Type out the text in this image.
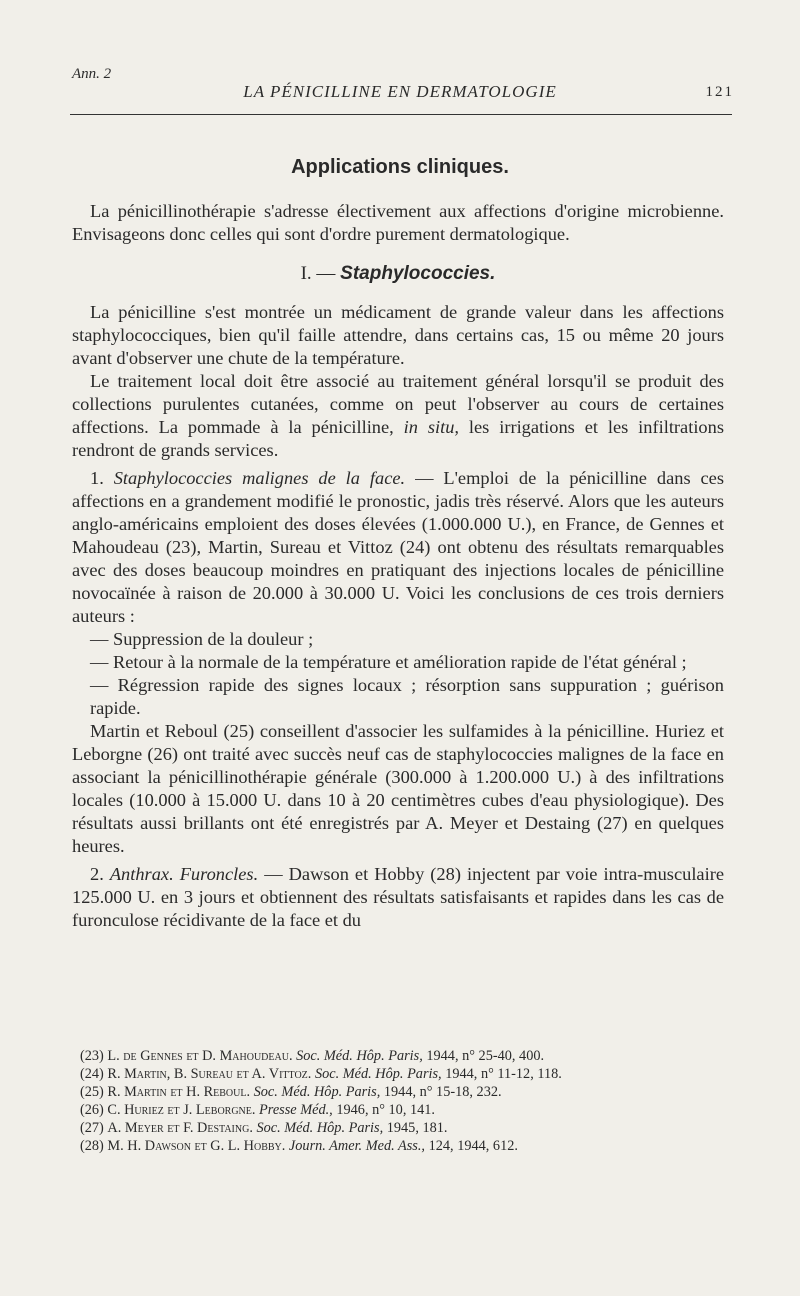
Ann. 2
LA PÉNICILLINE EN DERMATOLOGIE	121
Applications cliniques.

La pénicillinothérapie s'adresse électivement aux affections d'origine microbienne. Envisageons donc celles qui sont d'ordre purement dermatologique.

I. — Staphylococcies.

La pénicilline s'est montrée un médicament de grande valeur dans les affections staphylococciques, bien qu'il faille attendre, dans certains cas, 15 ou même 20 jours avant d'observer une chute de la température.

Le traitement local doit être associé au traitement général lorsqu'il se produit des collections purulentes cutanées, comme on peut l'observer au cours de certaines affections. La pommade à la pénicilline, in situ, les irrigations et les infiltrations rendront de grands services.

1. Staphylococcies malignes de la face. — L'emploi de la pénicilline dans ces affections en a grandement modifié le pronostic, jadis très réservé. Alors que les auteurs anglo-américains emploient des doses élevées (1.000.000 U.), en France, de Gennes et Mahoudeau (23), Martin, Sureau et Vittoz (24) ont obtenu des résultats remarquables avec des doses beaucoup moindres en pratiquant des injections locales de pénicilline novocaïnée à raison de 20.000 à 30.000 U. Voici les conclusions de ces trois derniers auteurs :

— Suppression de la douleur ;

— Retour à la normale de la température et amélioration rapide de l'état général ;

— Régression rapide des signes locaux ; résorption sans suppuration ; guérison rapide.

Martin et Reboul (25) conseillent d'associer les sulfamides à la pénicilline. Huriez et Leborgne (26) ont traité avec succès neuf cas de staphylococcies malignes de la face en associant la pénicillinothérapie générale (300.000 à 1.200.000 U.) à des infiltrations locales (10.000 à 15.000 U. dans 10 à 20 centimètres cubes d'eau physiologique). Des résultats aussi brillants ont été enregistrés par A. Meyer et Destaing (27) en quelques heures.

2. Anthrax. Furoncles. — Dawson et Hobby (28) injectent par voie intra-musculaire 125.000 U. en 3 jours et obtiennent des résultats satisfaisants et rapides dans les cas de furonculose récidivante de la face et du

(23) L. de Gennes et D. Mahoudeau. Soc. Méd. Hôp. Paris, 1944, n° 25-40, 400.
(24) R. Martin, B. Sureau et A. Vittoz. Soc. Méd. Hôp. Paris, 1944, n° 11-12, 118.
(25) R. Martin et H. Reboul. Soc. Méd. Hôp. Paris, 1944, n° 15-18, 232.
(26) C. Huriez et J. Leborgne. Presse Méd., 1946, n° 10, 141.
(27) A. Meyer et F. Destaing. Soc. Méd. Hôp. Paris, 1945, 181.
(28) M. H. Dawson et G. L. Hobby. Journ. Amer. Med. Ass., 124, 1944, 612.
